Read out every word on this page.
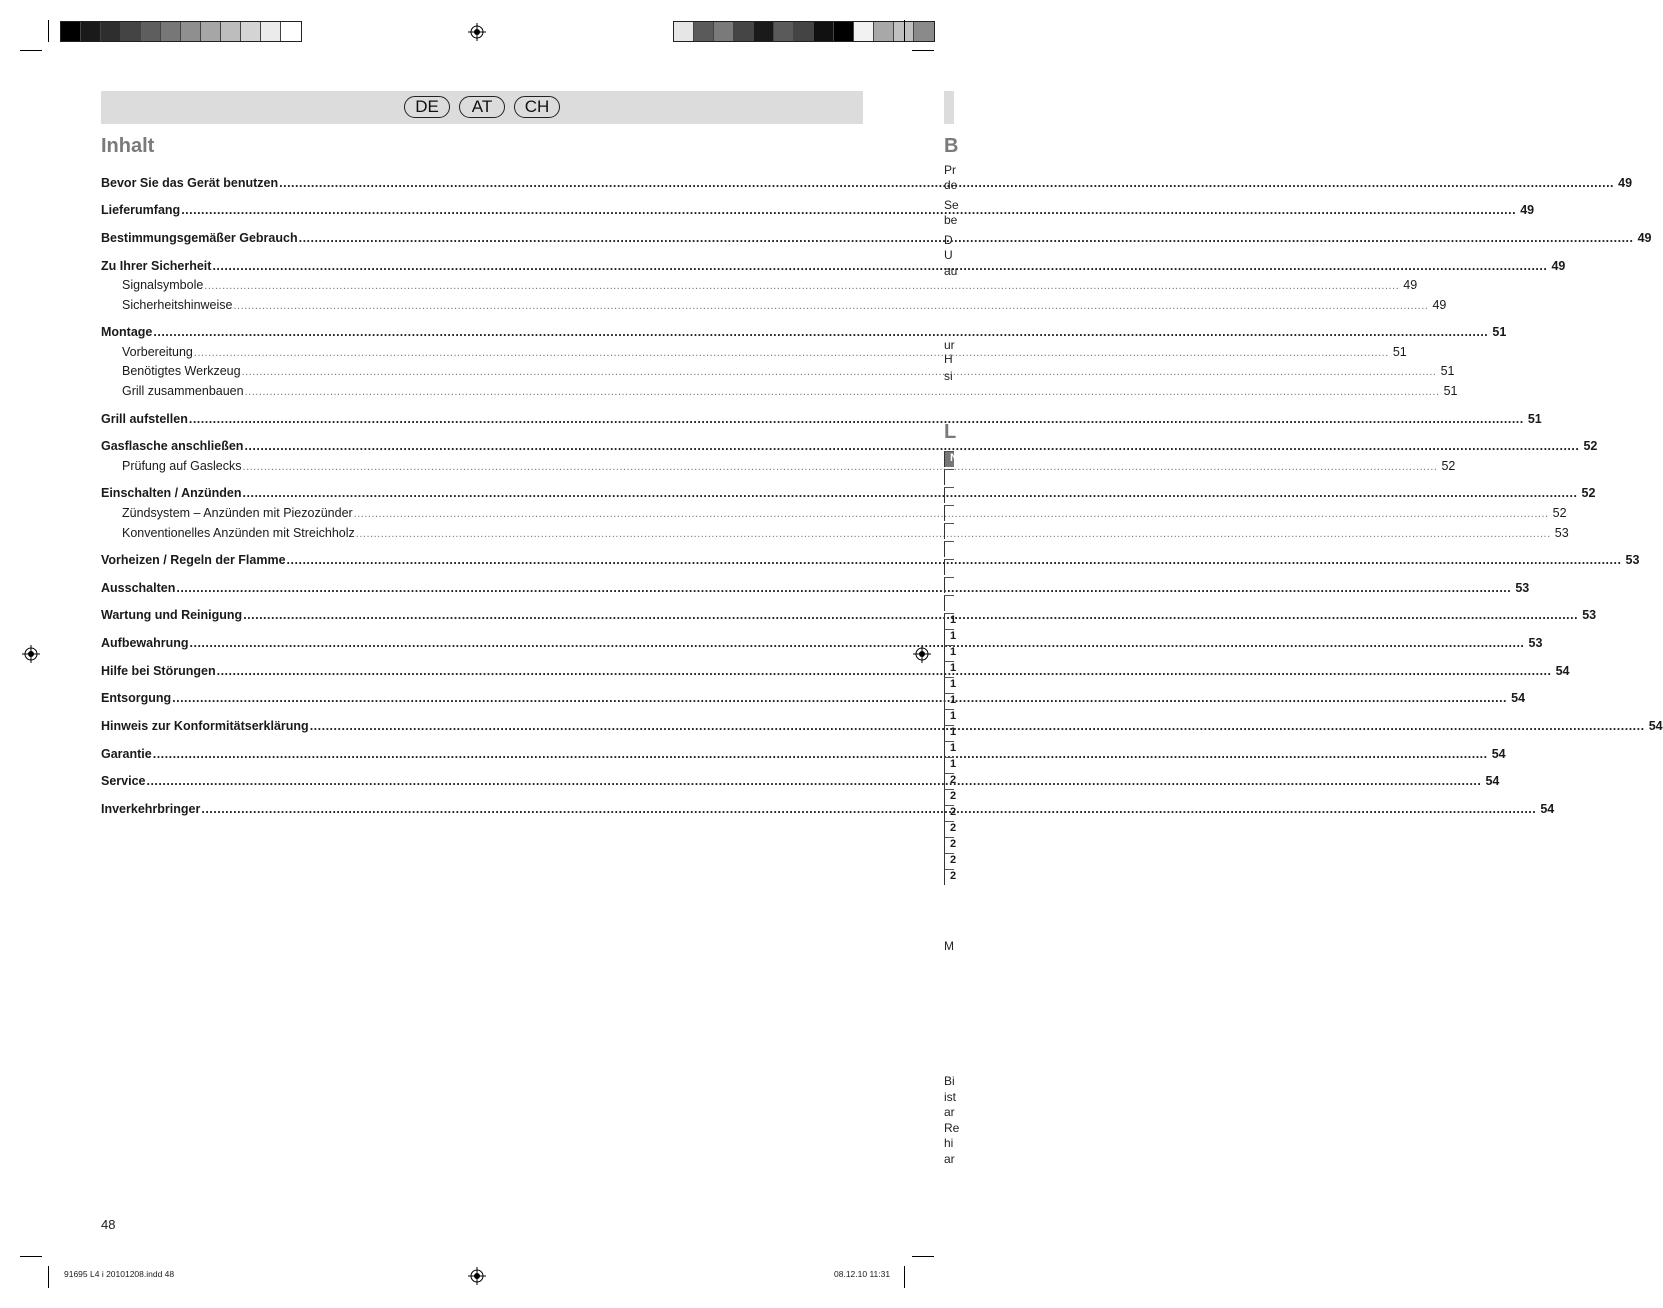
DE	AT	CH
Inhalt
Bevor Sie das Gerät benutzen .....	49
Lieferumfang .....	49
Bestimmungsgemäßer Gebrauch .....	49
Zu Ihrer Sicherheit .....	49
Signalsymbole .....	49
Sicherheitshinweise .....	49
Montage .....	51
Vorbereitung .....	51
Benötigtes Werkzeug .....	51
Grill zusammenbauen .....	51
Grill aufstellen .....	51
Gasflasche anschließen .....	52
Prüfung auf Gaslecks .....	52
Einschalten / Anzünden .....	52
Zündsystem – Anzünden mit Piezozünder .....	52
Konventionelles Anzünden mit Streichholz .....	53
Vorheizen / Regeln der Flamme .....	53
Ausschalten .....	53
Wartung und Reinigung .....	53
Aufbewahrung .....	53
Hilfe bei Störungen .....	54
Entsorgung .....	54
Hinweis zur Konformitätserklärung .....	54
Garantie .....	54
Service .....	54
Inverkehrbringer .....	54
48
91695 L4 i 20101208.indd 48	08.12.10 11:31
B
L
Pr
de
Se
be
D
U
au
ur
H
si
M
Bi
ist
ar
Re
hi
ar
N
1
1
1
1
1
1
1
1
1
1
2
2
2
2
2
2
2
